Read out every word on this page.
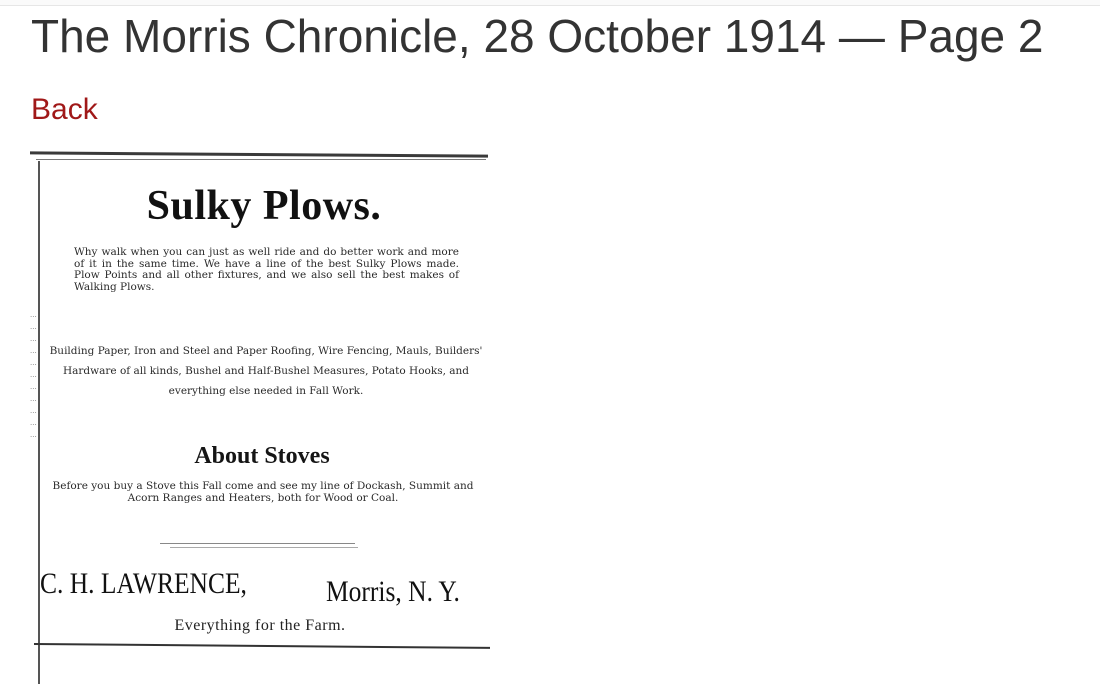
The Morris Chronicle, 28 October 1914 — Page 2
Back
·································
Sulky Plows.
Why walk when you can just as well ride and do better work and more of it in the same time. We have a line of the best Sulky Plows made. Plow Points and all other fixtures, and we also sell the best makes of Walking Plows.
Building Paper, Iron and Steel and Paper Roofing, Wire Fencing, Mauls, Builders' Hardware of all kinds, Bushel and Half-Bushel Measures, Potato Hooks, and everything else needed in Fall Work.
About Stoves
Before you buy a Stove this Fall come and see my line of Dockash, Summit and Acorn Ranges and Heaters, both for Wood or Coal.
C. H. LAWRENCE,	Morris, N. Y.
Everything for the Farm.
